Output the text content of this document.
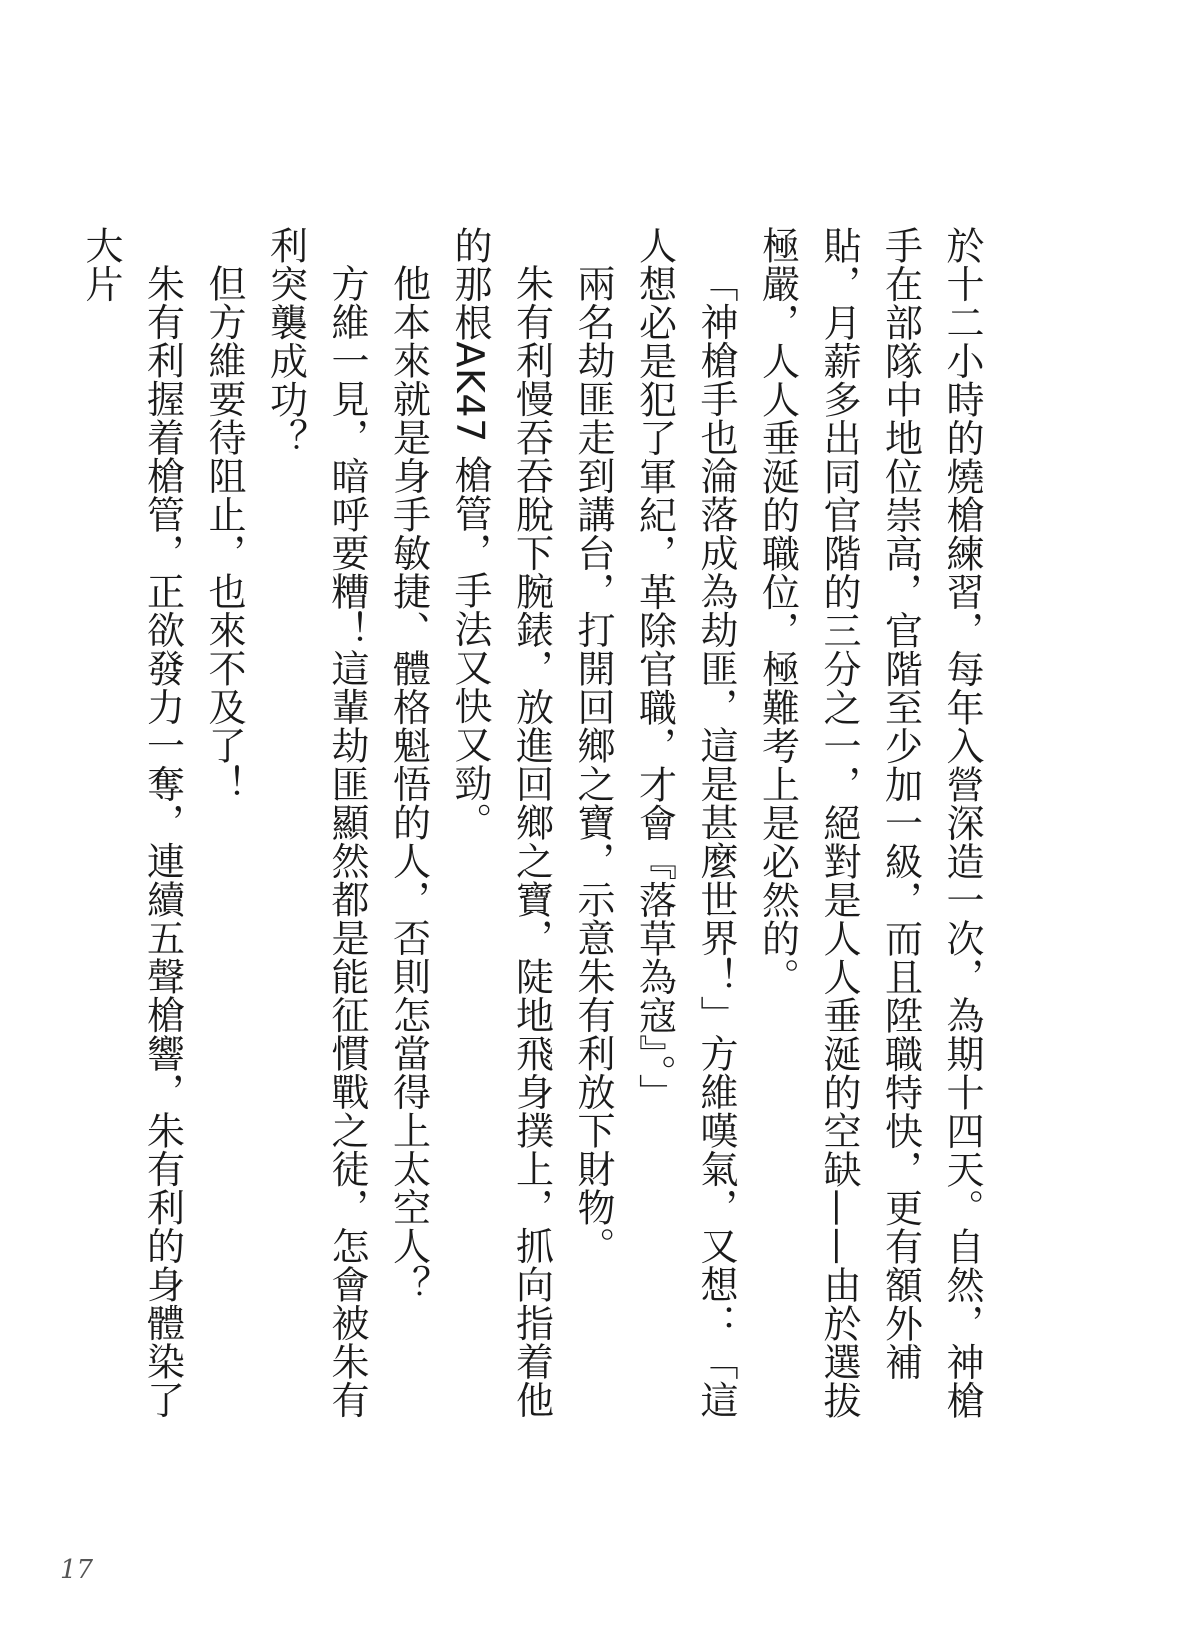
於十二小時的燒槍練習，每年入營深造一次，為期十四天。自然，神槍手在部隊中地位崇高，官階至少加一級，而且陞職特快，更有額外補貼，月薪多出同官階的三分之一，絕對是人人垂涎的空缺——由於選拔極嚴，人人垂涎的職位，極難考上是必然的。

「神槍手也淪落成為劫匪，這是甚麼世界！」方維嘆氣，又想：「這人想必是犯了軍紀，革除官職，才會『落草為寇』。」

兩名劫匪走到講台，打開回鄉之寶，示意朱有利放下財物。

朱有利慢吞吞脫下腕錶，放進回鄉之寶，陡地飛身撲上，抓向指着他的那根AK47 槍管，手法又快又勁。

他本來就是身手敏捷、體格魁悟的人，否則怎當得上太空人？

方維一見，暗呼要糟！這輩劫匪顯然都是能征慣戰之徒，怎會被朱有利突襲成功？

但方維要待阻止，也來不及了！

朱有利握着槍管，正欲發力一奪，連續五聲槍響，朱有利的身體染了大片

17
